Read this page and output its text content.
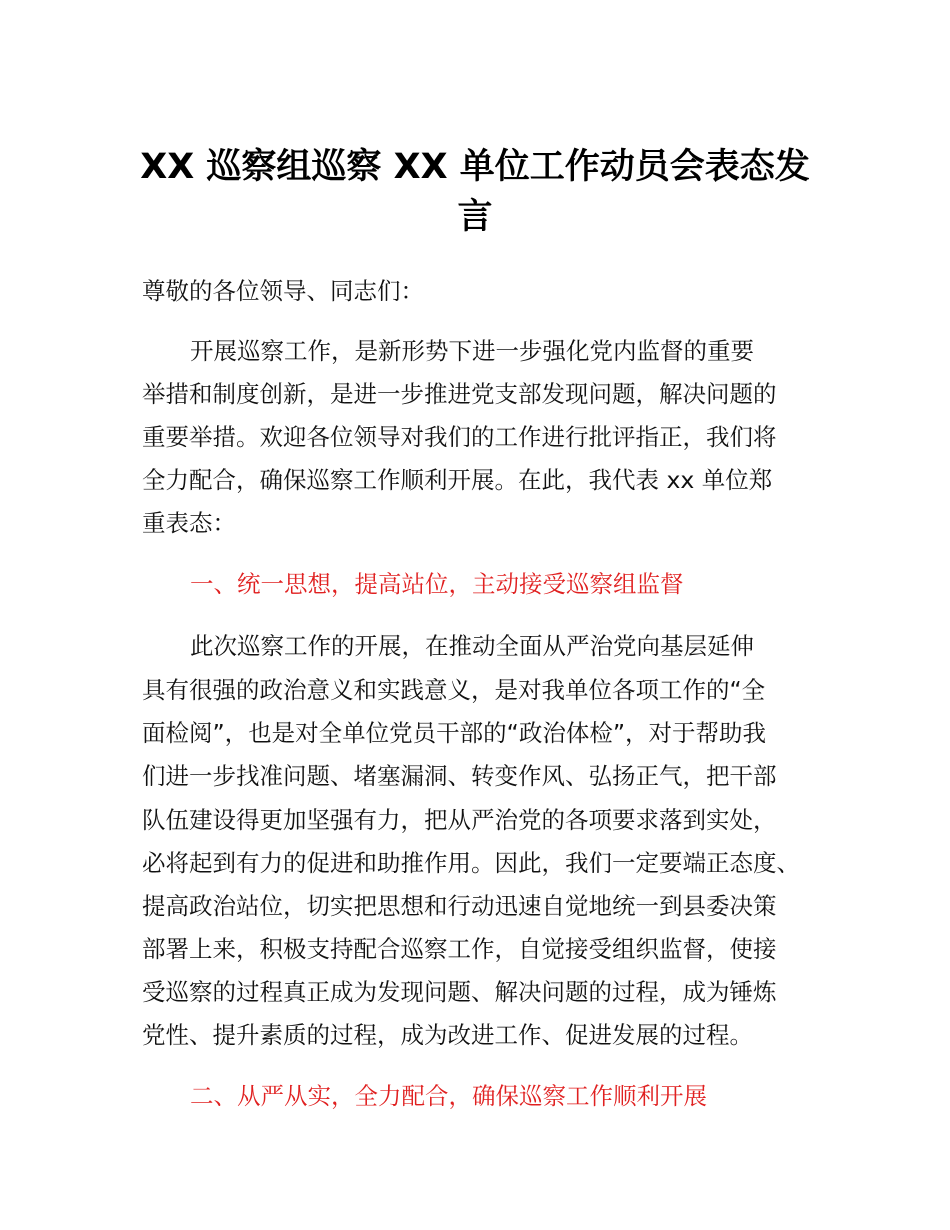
XX 巡察组巡察 XX 单位工作动员会表态发
言
尊敬的各位领导、同志们：
开展巡察工作，是新形势下进一步强化党内监督的重要
举措和制度创新，是进一步推进党支部发现问题，解决问题的
重要举措。欢迎各位领导对我们的工作进行批评指正，我们将
全力配合，确保巡察工作顺利开展。在此，我代表 xx 单位郑
重表态：
一、统一思想，提高站位，主动接受巡察组监督
此次巡察工作的开展，在推动全面从严治党向基层延伸
具有很强的政治意义和实践意义，是对我单位各项工作的“全
面检阅”，也是对全单位党员干部的“政治体检”，对于帮助我
们进一步找准问题、堵塞漏洞、转变作风、弘扬正气，把干部
队伍建设得更加坚强有力，把从严治党的各项要求落到实处，
必将起到有力的促进和助推作用。因此，我们一定要端正态度、
提高政治站位，切实把思想和行动迅速自觉地统一到县委决策
部署上来，积极支持配合巡察工作，自觉接受组织监督，使接
受巡察的过程真正成为发现问题、解决问题的过程，成为锤炼
党性、提升素质的过程，成为改进工作、促进发展的过程。
二、从严从实，全力配合，确保巡察工作顺利开展
